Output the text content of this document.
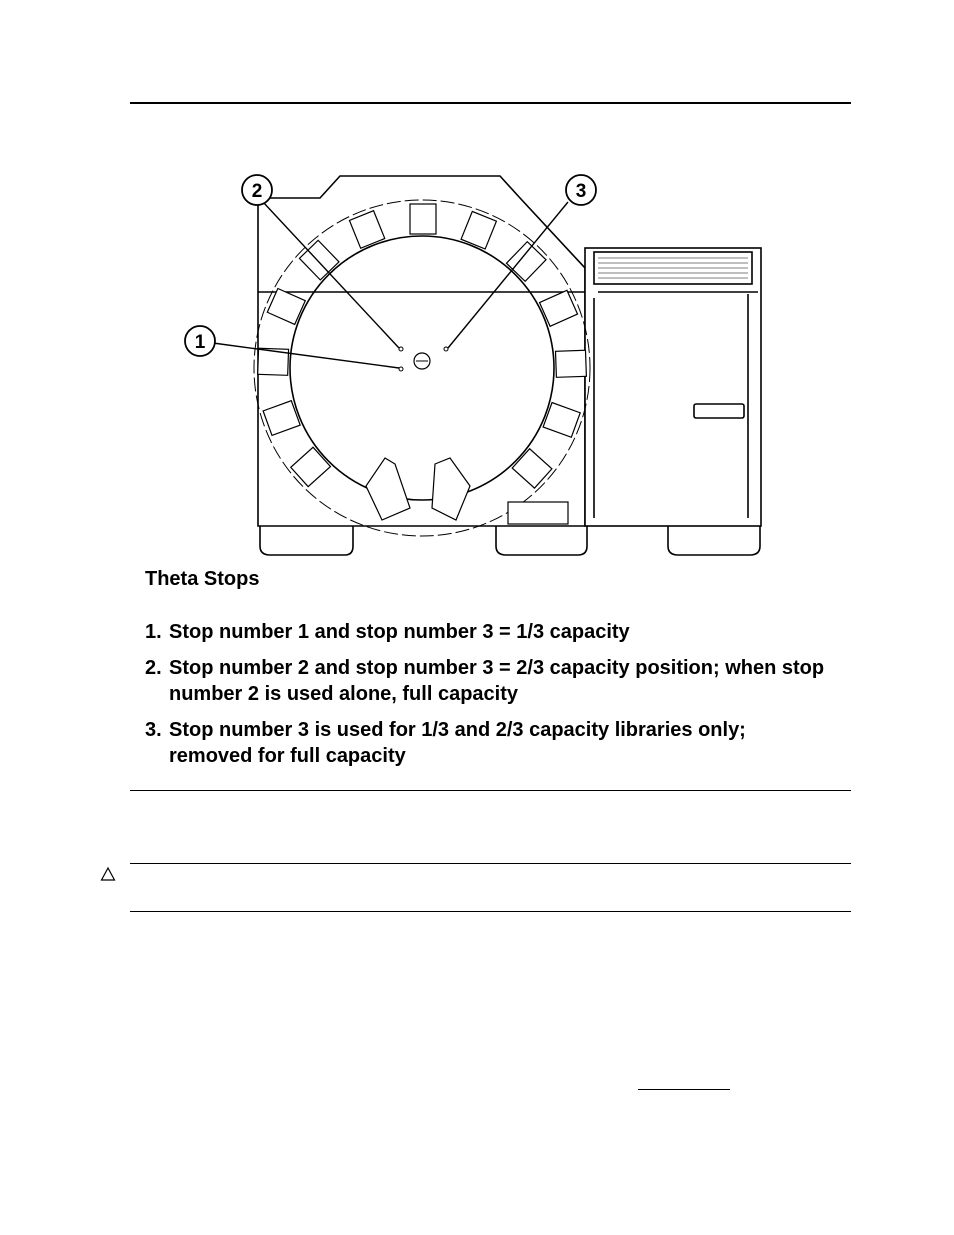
1
2	3
Theta Stops
1. Stop number 1 and stop number 3 = 1/3 capacity
2. Stop number 2 and stop number 3 = 2/3 capacity position; when stop number 2 is used alone, full capacity
3. Stop number 3 is used for 1/3 and 2/3 capacity libraries only; removed for full capacity
